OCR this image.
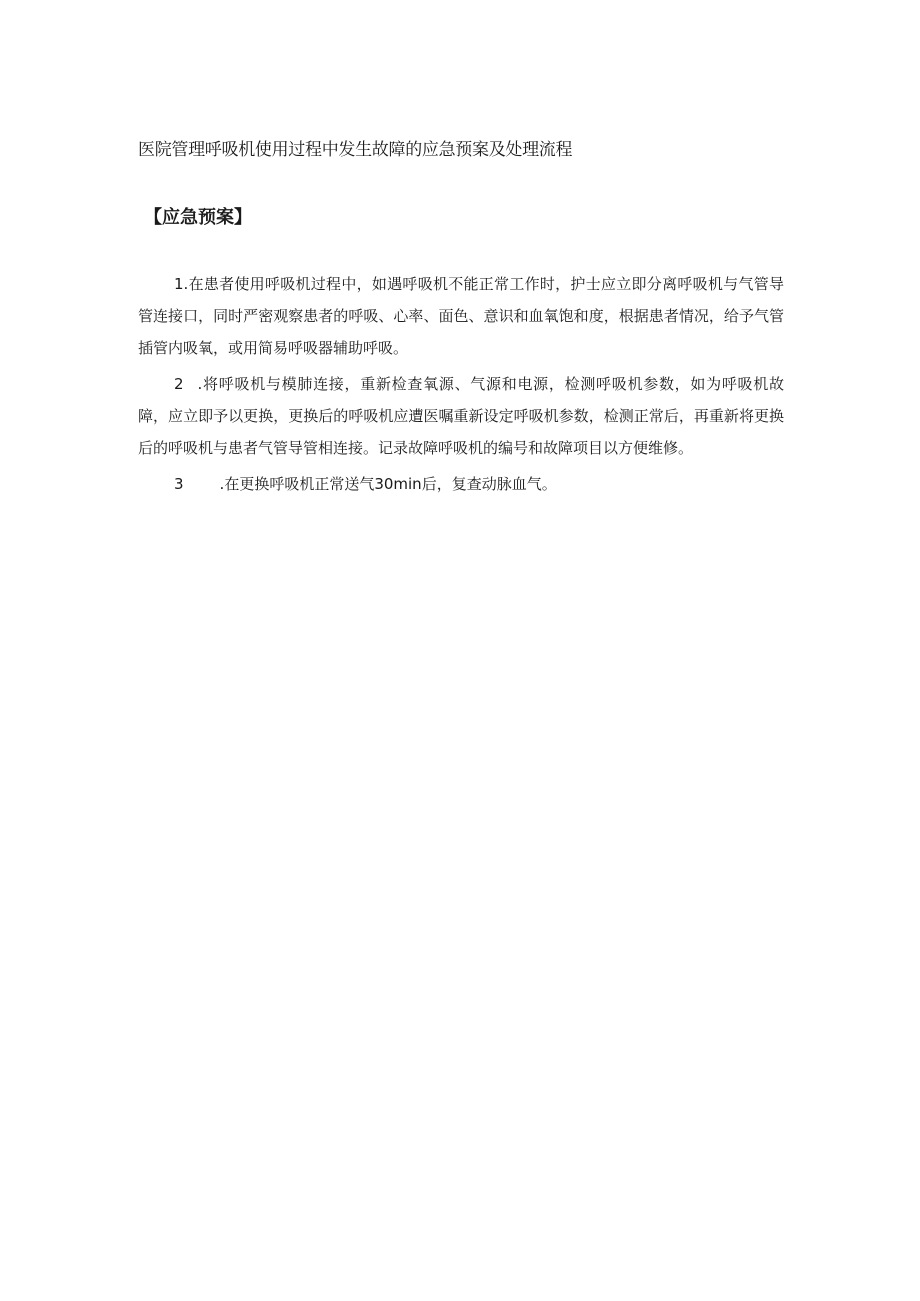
医院管理呼吸机使用过程中发生故障的应急预案及处理流程
【应急预案】

1.在患者使用呼吸机过程中，如遇呼吸机不能正常工作时，护士应立即分离呼吸机与气管导管连接口，同时严密观察患者的呼吸、心率、面色、意识和血氧饱和度，根据患者情况，给予气管插管内吸氧，或用简易呼吸器辅助呼吸。

2 .将呼吸机与模肺连接，重新检查氧源、气源和电源，检测呼吸机参数，如为呼吸机故障，应立即予以更换，更换后的呼吸机应遭医嘱重新设定呼吸机参数，检测正常后，再重新将更换后的呼吸机与患者气管导管相连接。记录故障呼吸机的编号和故障项目以方便维修。

3 .在更换呼吸机正常送气30min后，复查动脉血气。
